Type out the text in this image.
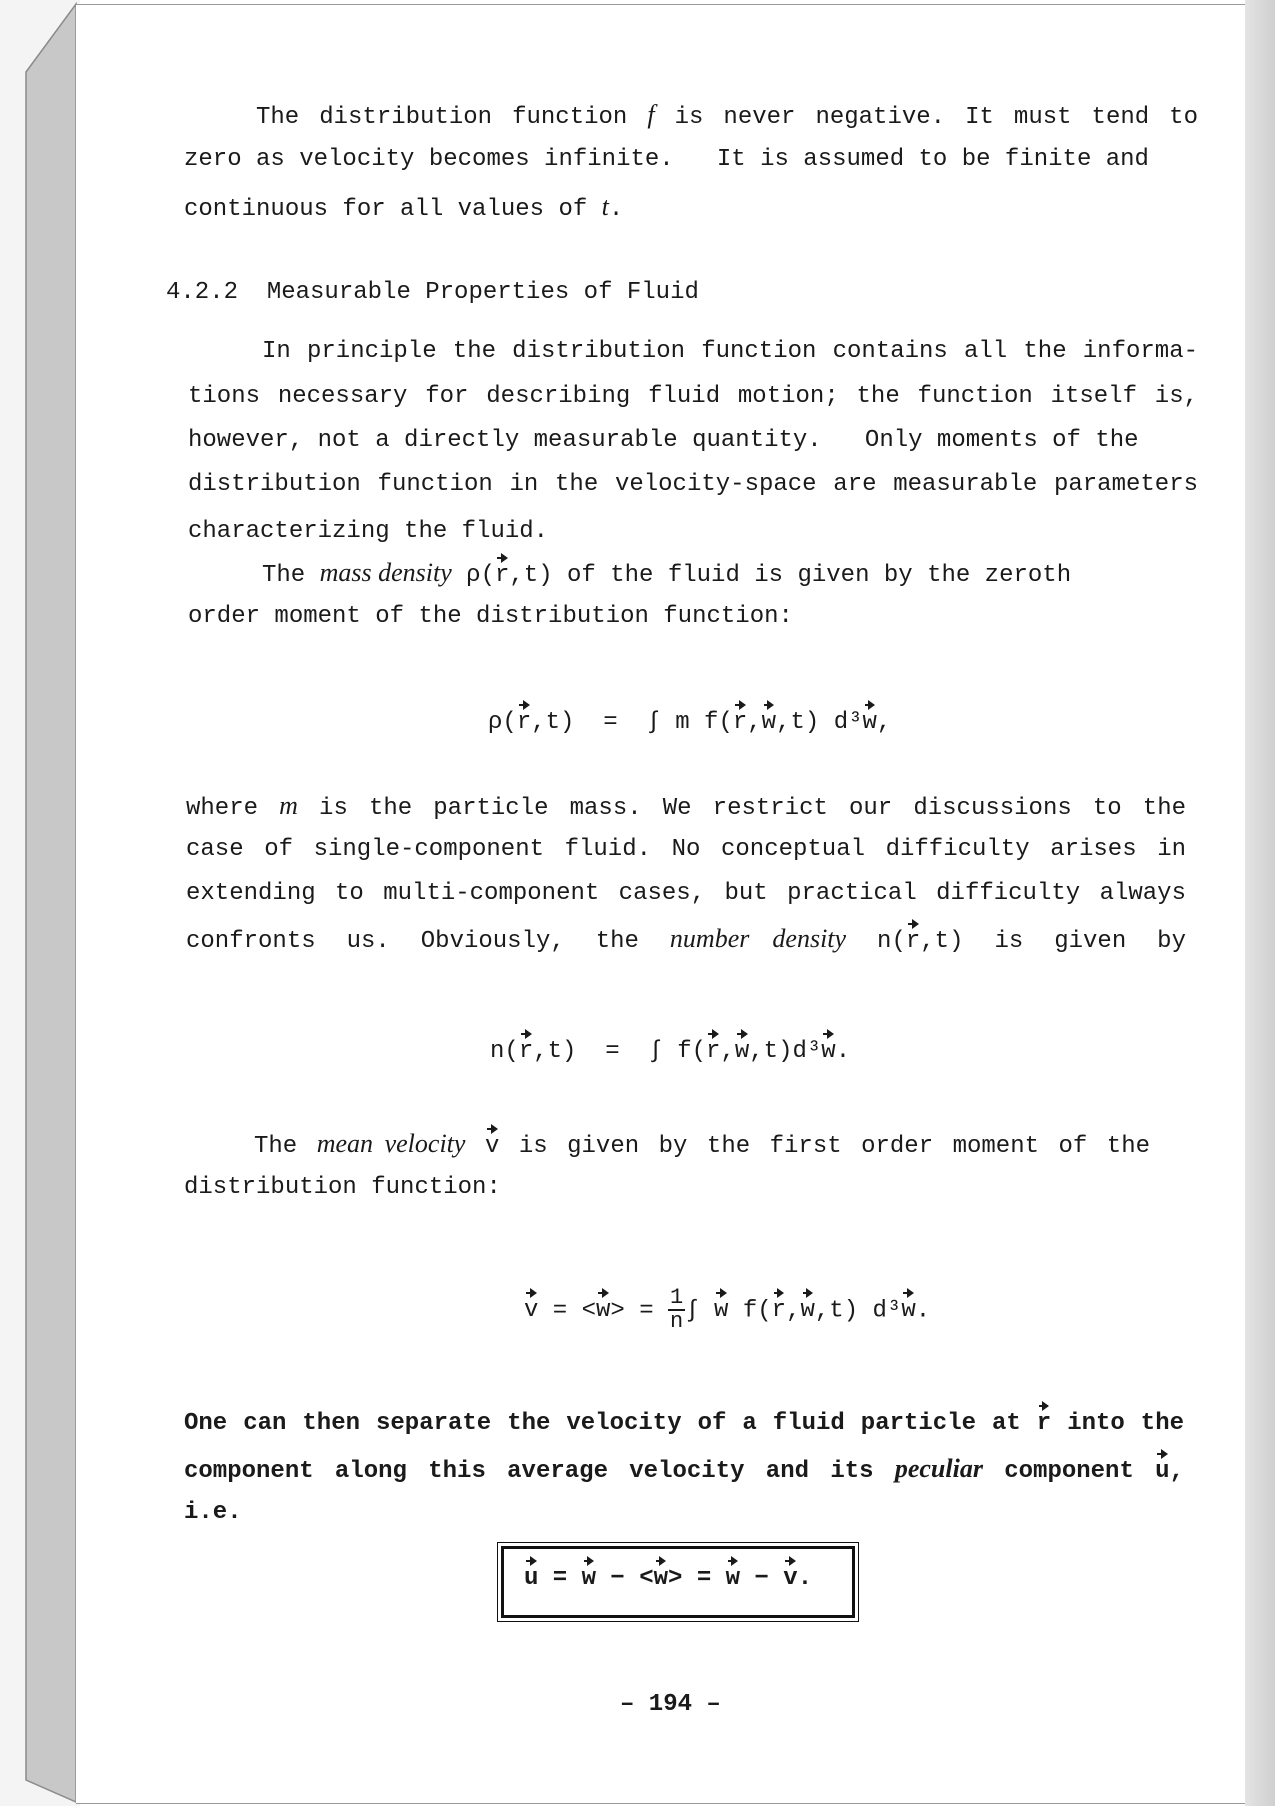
The distribution function f is never negative. It must tend to
zero as velocity becomes infinite.   It is assumed to be finite and
continuous for all values of t.
4.2.2  Measurable Properties of Fluid
In principle the distribution function contains all the informa-
tions necessary for describing fluid motion; the function itself is,
however, not a directly measurable quantity.   Only moments of the
distribution function in the velocity-space are measurable parameters
characterizing the fluid.
The mass density ρ(r,t) of the fluid is given by the zeroth
order moment of the distribution function:
ρ(r,t)  =  ∫ m f(r,w,t) d³w,
where m is the particle mass. We restrict our discussions to the
case of single-component fluid. No conceptual difficulty arises in
extending to multi-component cases, but practical difficulty always
confronts us. Obviously, the number density n(r,t) is given by
n(r,t)  =  ∫ f(r,w,t)d³w.
The mean velocity v is given by the first order moment of the
distribution function:
$v = <w> = \frac{1}{n}$ ∫ w f(r,w,t) d³w.
One can then separate the velocity of a fluid particle at r into the
component along this average velocity and its peculiar component u,
i.e.
u = w − <w> = w − v.
– 194 –
